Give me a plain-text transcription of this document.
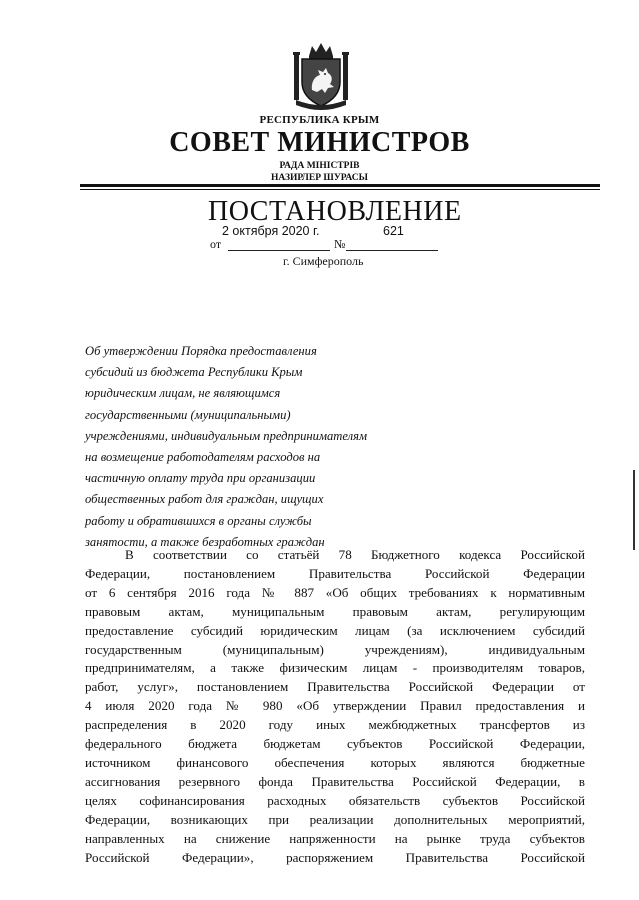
РЕСПУБЛИКА КРЫМ

СОВЕТ МИНИСТРОВ

РАДА МІНІСТРІВ
НАЗИРЛЕР ШУРАСЫ

ПОСТАНОВЛЕНИЕ

2 октября 2020 г.	621

от	№

г. Симферополь

Об утверждении Порядка предоставления
субсидий из бюджета Республики Крым
юридическим лицам, не являющимся
государственными (муниципальными)
учреждениями, индивидуальным предпринимателям
на возмещение работодателям расходов на
частичную оплату труда при организации
общественных работ для граждан, ищущих
работу и обратившихся в органы службы
занятости, а также безработных граждан
В соответствии со статьёй 78 Бюджетного кодекса Российской
Федерации, постановлением Правительства Российской Федерации
от 6 сентября 2016 года № 887 «Об общих требованиях к нормативным
правовым актам, муниципальным правовым актам, регулирующим
предоставление субсидий юридическим лицам (за исключением субсидий
государственным (муниципальным) учреждениям), индивидуальным
предпринимателям, а также физическим лицам - производителям товаров,
работ, услуг», постановлением Правительства Российской Федерации от
4 июля 2020 года № 980 «Об утверждении Правил предоставления и
распределения в 2020 году иных межбюджетных трансфертов из
федерального бюджета бюджетам субъектов Российской Федерации,
источником финансового обеспечения которых являются бюджетные
ассигнования резервного фонда Правительства Российской Федерации, в
целях софинансирования расходных обязательств субъектов Российской
Федерации, возникающих при реализации дополнительных мероприятий,
направленных на снижение напряженности на рынке труда субъектов
Российской Федерации», распоряжением Правительства Российской
